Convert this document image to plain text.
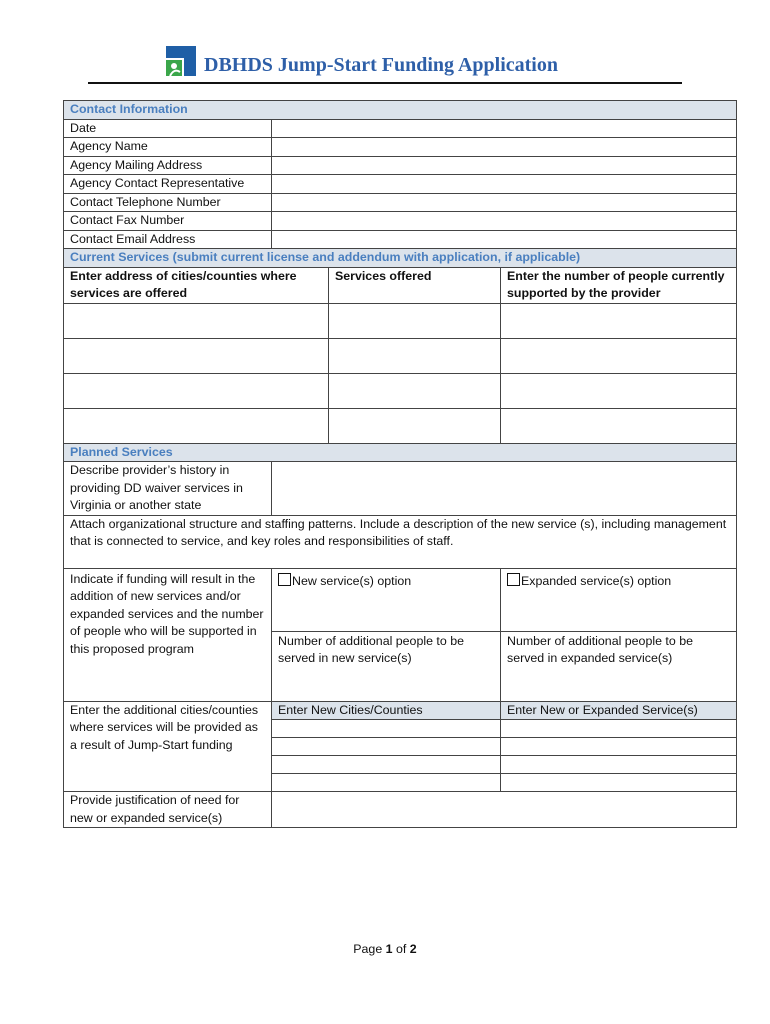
DBHDS Jump-Start Funding Application
Contact Information			
Date			
Agency Name			
Agency Mailing Address			
Agency Contact Representative			
Contact Telephone Number			
Contact Fax Number			
Contact Email Address			
Current Services (submit current license and addendum with application, if applicable)			
Enter address of cities/counties where services are offered		Services offered	Enter the number of people currently supported by the provider

Planned Services			
Describe provider’s history in providing DD waiver services in Virginia or another state			
Attach organizational structure and staffing patterns. Include a description of the new service (s), including management that is connected to service, and key roles and responsibilities of staff.			
Indicate if funding will result in the addition of new services and/or expanded services and the number of people who will be supported in this proposed program	New service(s) option		Expanded service(s) option
	Number of additional people to be served in new service(s)		Number of additional people to be served in expanded service(s)
Enter the additional cities/counties where services will be provided as a result of Jump-Start funding	Enter New Cities/Counties		Enter New or Expanded Service(s)

Provide justification of need for new or expanded service(s)			
Page 1 of 2
